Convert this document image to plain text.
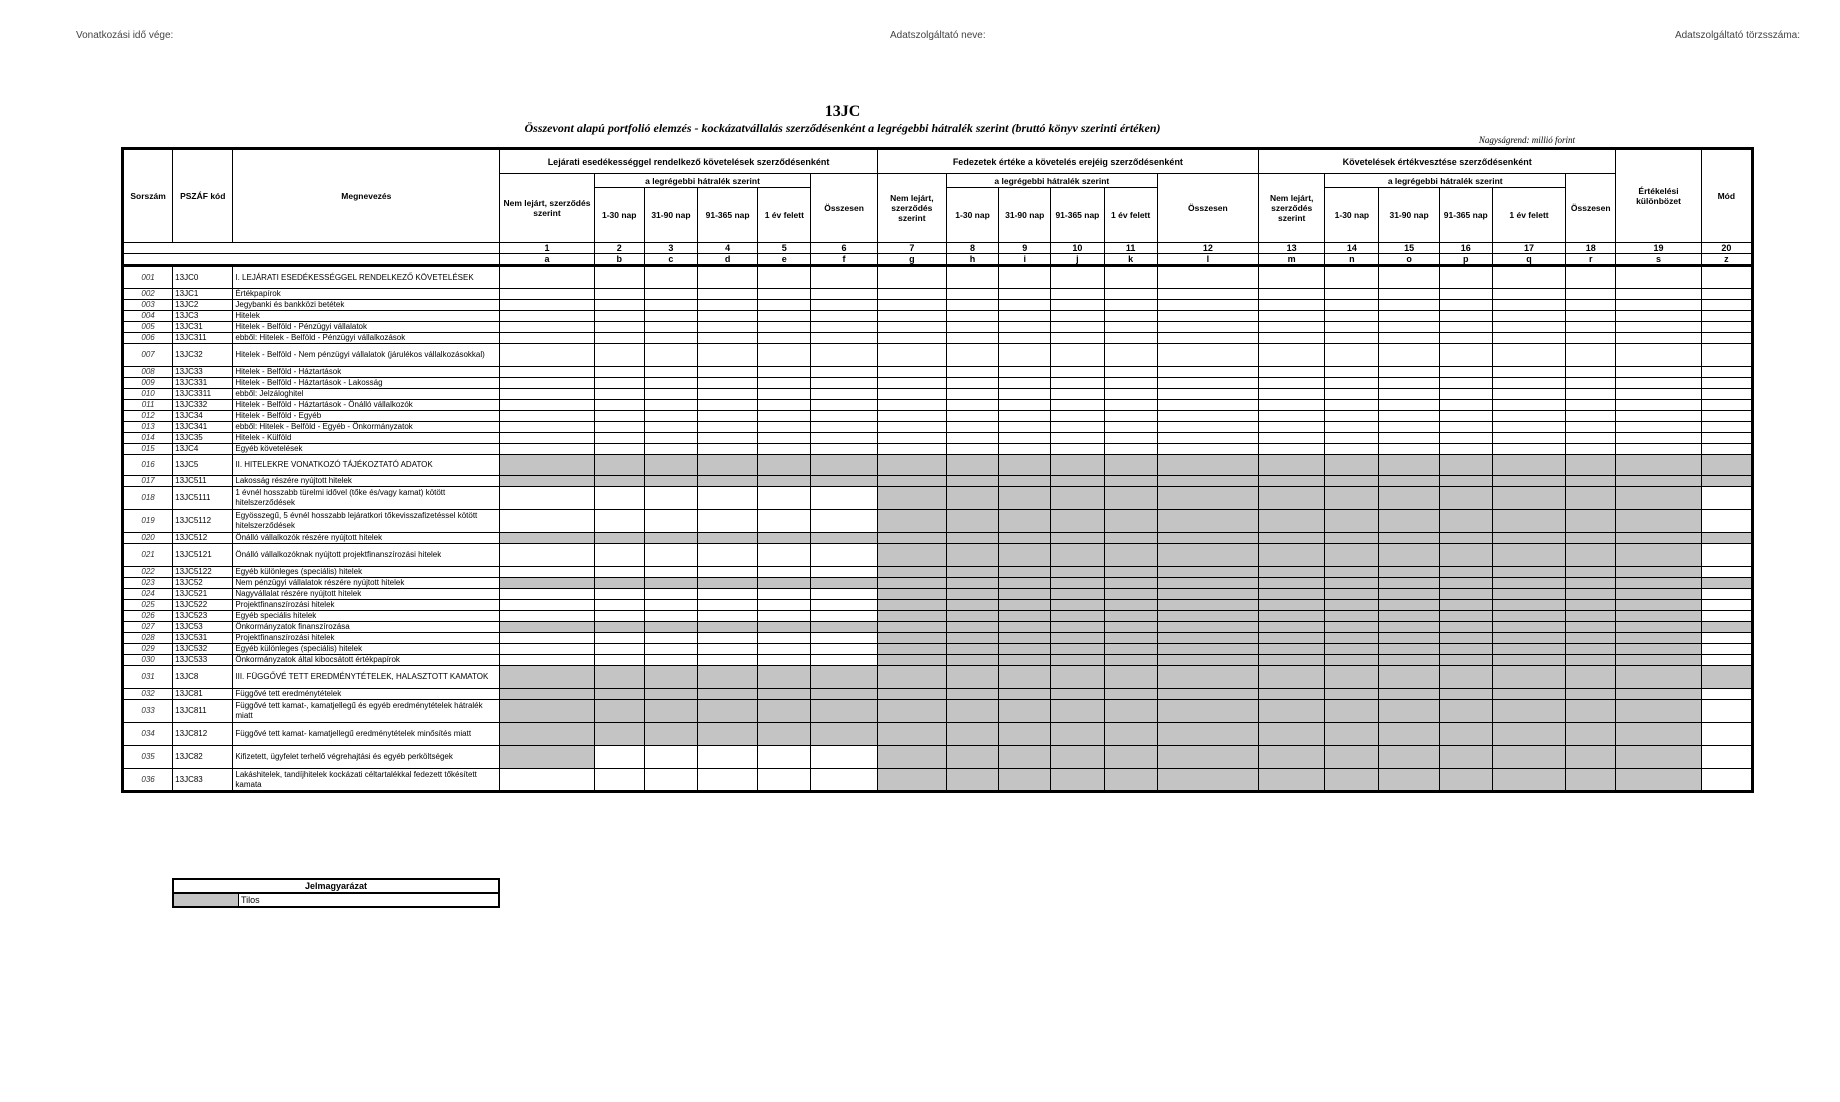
Vonatkozási idő vége:	Adatszolgáltató neve:	Adatszolgáltató törzsszáma:
13JC
Összevont alapú portfolió elemzés - kockázatvállalás szerződésenként a legrégebbi hátralék szerint (bruttó könyv szerinti értéken)
Nagyságrend: millió forint
Sorszám	PSZÁF kód	Megnevezés	Lejárati esedékességgel rendelkező követelések szerződésenként						Fedezetek értéke a követelés erejéig szerződésenként						Követelések értékvesztése szerződésenként						Értékelési különbözet	Mód
			Nem lejárt, szerződés szerint	a legrégebbi hátralék szerint				Összesen	Nem lejárt, szerződés szerint	a legrégebbi hátralék szerint				Összesen	Nem lejárt, szerződés szerint	a legrégebbi hátralék szerint				Összesen		
				1-30 nap	31-90 nap	91-365 nap	1 év felett			1-30 nap	31-90 nap	91-365 nap	1 év felett			1-30 nap	31-90 nap	91-365 nap	1 év felett			
			1	2	3	4	5	6	7	8	9	10	11	12	13	14	15	16	17	18	19	20
			a	b	c	d	e	f	g	h	i	j	k	l	m	n	o	p	q	r	s	z
001	13JC0	I. LEJÁRATI ESEDÉKESSÉGGEL RENDELKEZŐ KÖVETELÉSEK																				
002	13JC1	Értékpapírok																				
003	13JC2	Jegybanki és bankközi betétek																				
004	13JC3	Hitelek																				
005	13JC31	Hitelek - Belföld - Pénzügyi vállalatok																				
006	13JC311	ebből: Hitelek - Belföld - Pénzügyi vállalkozások																				
007	13JC32	Hitelek - Belföld - Nem pénzügyi vállalatok (járulékos vállalkozásokkal)																				
008	13JC33	Hitelek - Belföld - Háztartások																				
009	13JC331	Hitelek - Belföld - Háztartások - Lakosság																				
010	13JC3311	ebből: Jelzáloghitel																				
011	13JC332	Hitelek - Belföld - Háztartások - Önálló vállalkozók																				
012	13JC34	Hitelek - Belföld - Egyéb																				
013	13JC341	ebből: Hitelek - Belföld - Egyéb - Önkormányzatok																				
014	13JC35	Hitelek - Külföld																				
015	13JC4	Egyéb követelések																				
016	13JC5	II. HITELEKRE VONATKOZÓ TÁJÉKOZTATÓ ADATOK																				
017	13JC511	Lakosság részére nyújtott hitelek																				
018	13JC5111	1 évnél hosszabb türelmi idővel (tőke és/vagy kamat) kötött hitelszerződések																				
019	13JC5112	Egyösszegű, 5 évnél hosszabb lejáratkori tőkevisszafizetéssel kötött hitelszerződések																				
020	13JC512	Önálló vállalkozók részére nyújtott hitelek																				
021	13JC5121	Önálló vállalkozóknak nyújtott projektfinanszírozási hitelek																				
022	13JC5122	Egyéb különleges (speciális) hitelek																				
023	13JC52	Nem pénzügyi vállalatok részére nyújtott hitelek																				
024	13JC521	Nagyvállalat részére nyújtott hitelek																				
025	13JC522	Projektfinanszírozási hitelek																				
026	13JC523	Egyéb speciális hitelek																				
027	13JC53	Önkormányzatok finanszírozása																				
028	13JC531	Projektfinanszírozási hitelek																				
029	13JC532	Egyéb különleges (speciális) hitelek																				
030	13JC533	Önkormányzatok által kibocsátott értékpapírok																				
031	13JC8	III. FÜGGŐVÉ TETT EREDMÉNYTÉTELEK, HALASZTOTT KAMATOK																				
032	13JC81	Függővé tett eredménytételek																				
033	13JC811	Függővé tett kamat-, kamatjellegű és egyéb eredménytételek hátralék miatt																				
034	13JC812	Függővé tett kamat- kamatjellegű eredménytételek minősítés miatt																				
035	13JC82	Kifizetett, ügyfelet terhelő végrehajtási és egyéb perköltségek																				
036	13JC83	Lakáshitelek, tandíjhitelek kockázati céltartalékkal fedezett tőkésített kamata																				
Jelmagyarázat
	Tilos
